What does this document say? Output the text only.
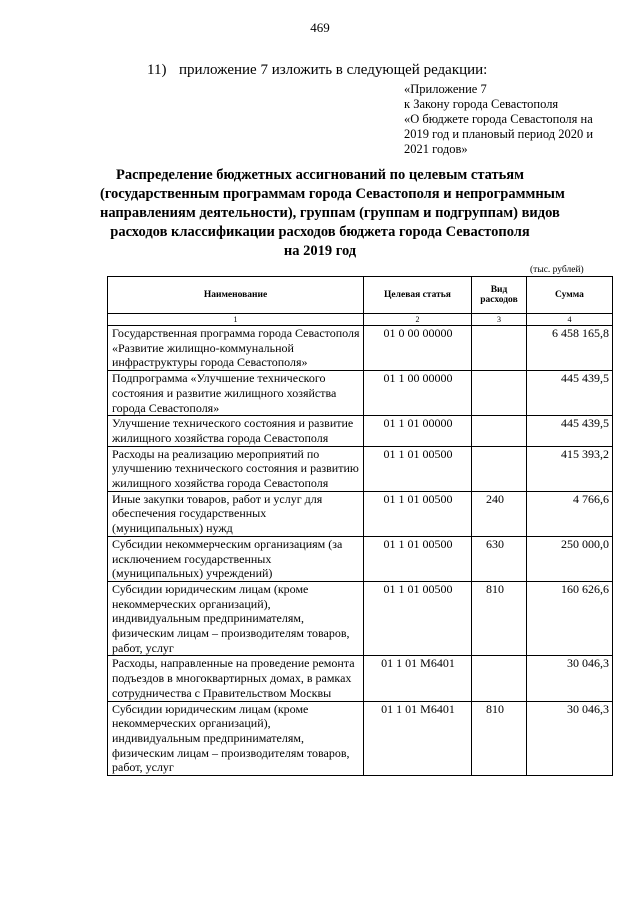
469
11) приложение 7 изложить в следующей редакции:
«Приложение 7
к Закону города Севастополя
«О бюджете города Севастополя на
2019 год и плановый период 2020 и
2021 годов»
Распределение бюджетных ассигнований по целевым статьям
(государственным программам города Севастополя и непрограммным
направлениям деятельности), группам (группам и подгруппам) видов
расходов классификации расходов бюджета города Севастополя
на 2019 год
(тыс. рублей)
Наименование	Целевая статья	Вид расходов	Сумма
1	2	3	4
Государственная программа города Севастополя «Развитие жилищно-коммунальной инфраструктуры города Севастополя»	01 0 00 00000		6 458 165,8
Подпрограмма «Улучшение технического состояния и развитие жилищного хозяйства города Севастополя»	01 1 00 00000		445 439,5
Улучшение технического состояния и развитие жилищного хозяйства города Севастополя	01 1 01 00000		445 439,5
Расходы на реализацию мероприятий по улучшению технического состояния и развитию жилищного хозяйства города Севастополя	01 1 01 00500		415 393,2
Иные закупки товаров, работ и услуг для обеспечения государственных (муниципальных) нужд	01 1 01 00500	240	4 766,6
Субсидии некоммерческим организациям (за исключением государственных (муниципальных) учреждений)	01 1 01 00500	630	250 000,0
Субсидии юридическим лицам (кроме некоммерческих организаций), индивидуальным предпринимателям, физическим лицам – производителям товаров, работ, услуг	01 1 01 00500	810	160 626,6
Расходы, направленные на проведение ремонта подъездов в многоквартирных домах, в рамках сотрудничества с Правительством Москвы	01 1 01 М6401		30 046,3
Субсидии юридическим лицам (кроме некоммерческих организаций), индивидуальным предпринимателям, физическим лицам – производителям товаров, работ, услуг	01 1 01 М6401	810	30 046,3
